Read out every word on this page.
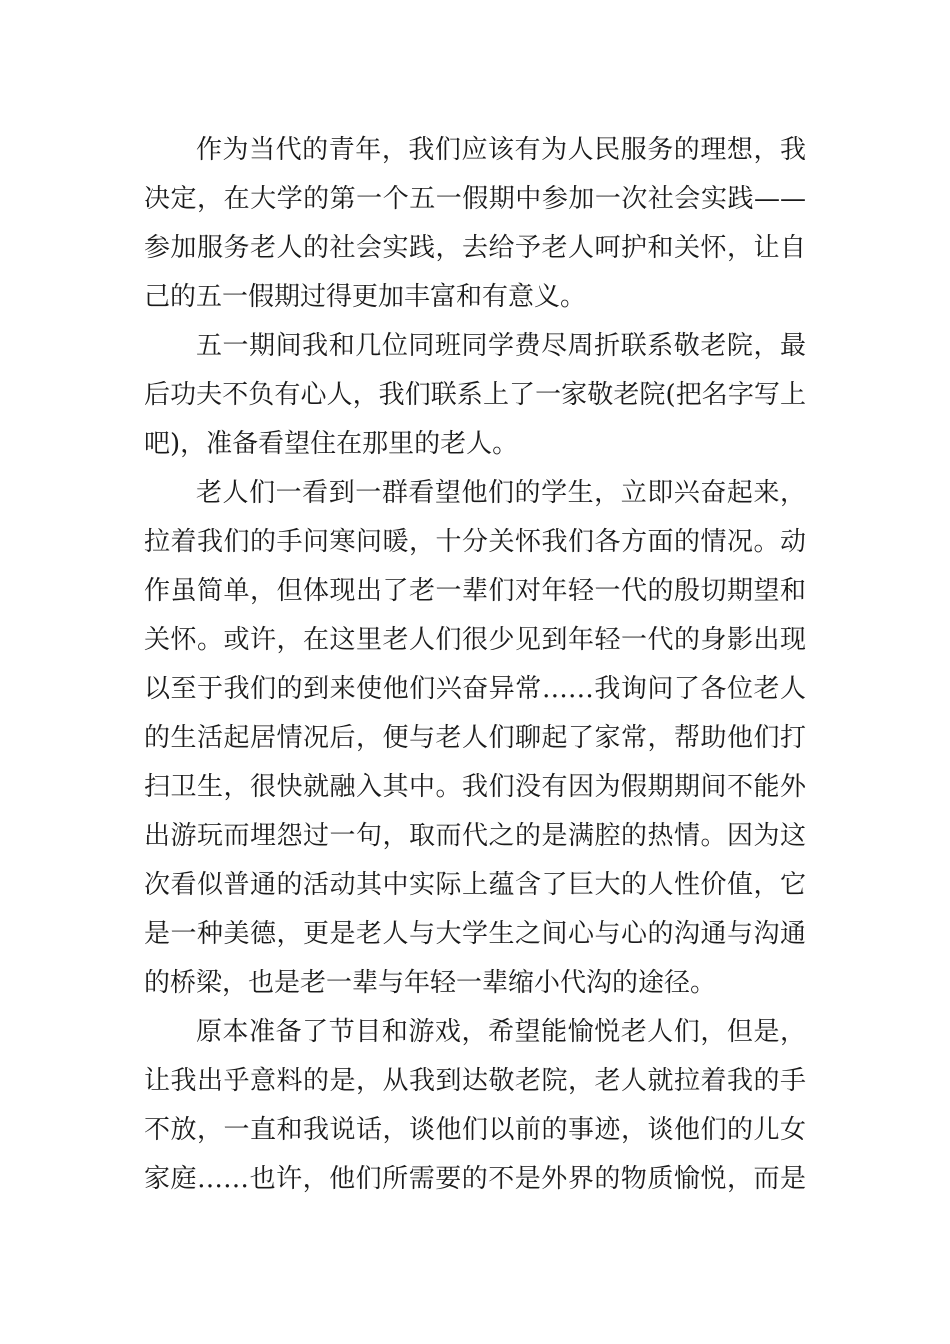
作为当代的青年，我们应该有为人民服务的理想，我
决定，在大学的第一个五一假期中参加一次社会实践——
参加服务老人的社会实践，去给予老人呵护和关怀，让自
己的五一假期过得更加丰富和有意义。
五一期间我和几位同班同学费尽周折联系敬老院，最
后功夫不负有心人，我们联系上了一家敬老院(把名字写上
吧)，准备看望住在那里的老人。
老人们一看到一群看望他们的学生，立即兴奋起来，
拉着我们的手问寒问暖，十分关怀我们各方面的情况。动
作虽简单，但体现出了老一辈们对年轻一代的殷切期望和
关怀。或许，在这里老人们很少见到年轻一代的身影出现
以至于我们的到来使他们兴奋异常……我询问了各位老人
的生活起居情况后，便与老人们聊起了家常，帮助他们打
扫卫生，很快就融入其中。我们没有因为假期期间不能外
出游玩而埋怨过一句，取而代之的是满腔的热情。因为这
次看似普通的活动其中实际上蕴含了巨大的人性价值，它
是一种美德，更是老人与大学生之间心与心的沟通与沟通
的桥梁，也是老一辈与年轻一辈缩小代沟的途径。
原本准备了节目和游戏，希望能愉悦老人们，但是，
让我出乎意料的是，从我到达敬老院，老人就拉着我的手
不放，一直和我说话，谈他们以前的事迹，谈他们的儿女
家庭……也许，他们所需要的不是外界的物质愉悦，而是
